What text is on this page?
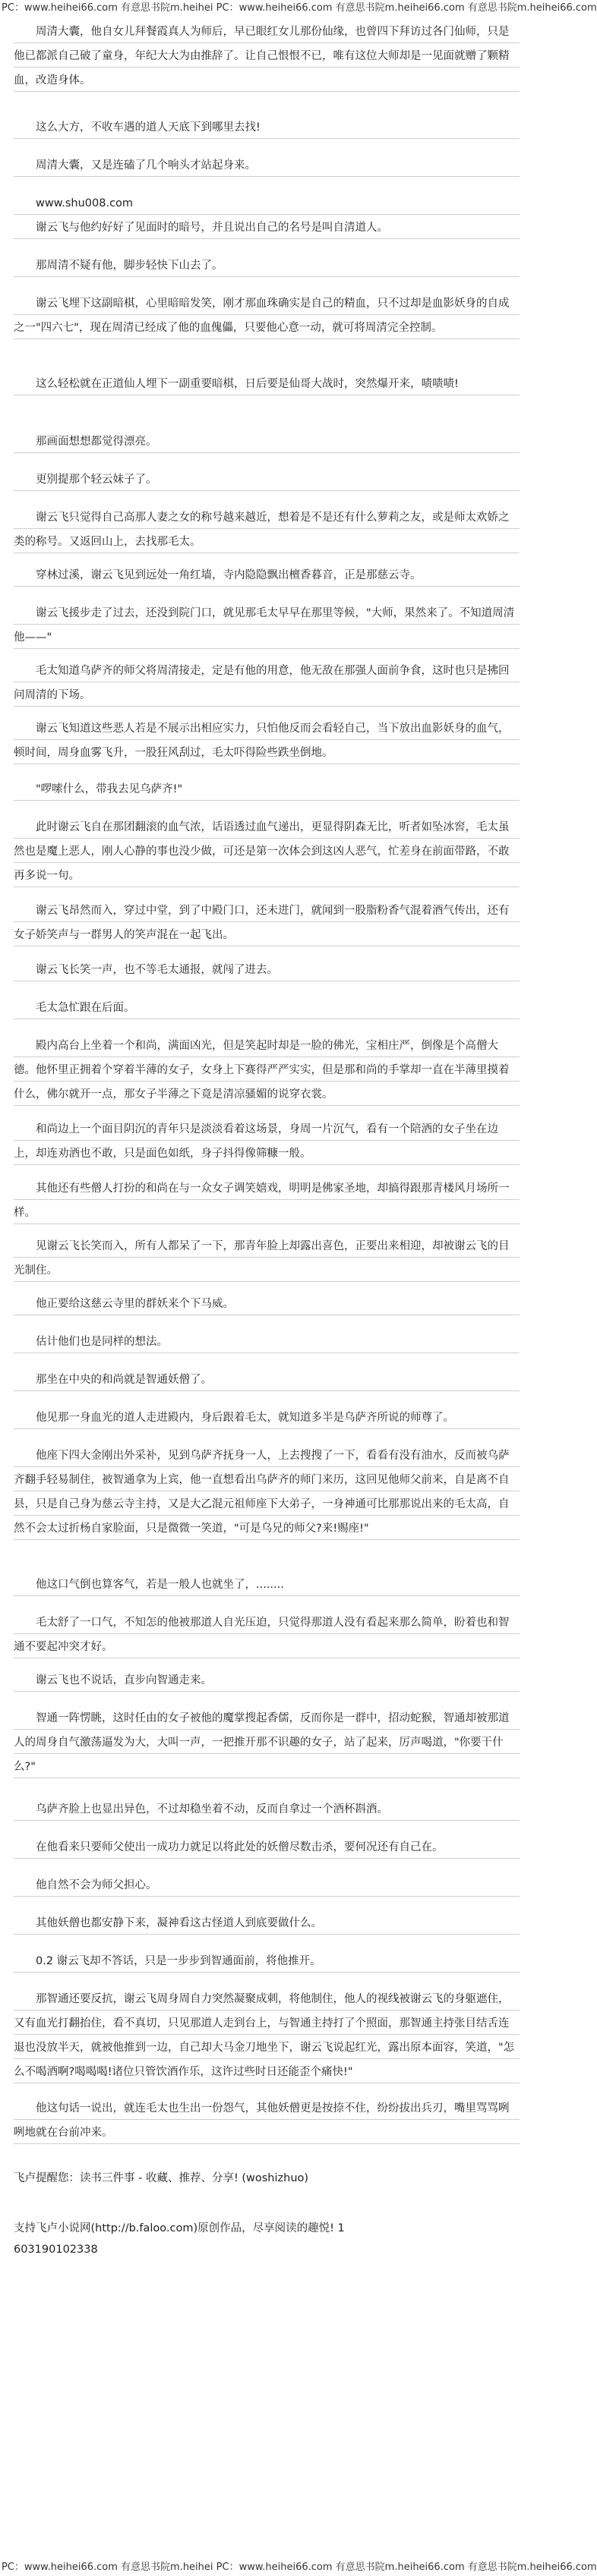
PC：www.heihei66.com 有意思书院m.heihei PC：www.heihei66.com 有意思书院m.heihei66.com 有意思书院m.heihei66.com
周清大囊，他自女儿拜餐霞真人为师后，早已眼红女儿那份仙缘，也曾四下拜访过各门仙师，只是他已都派自己破了童身，年纪大大为由推辞了。让自己恨恨不已，唯有这位大师却是一见面就赠了颗精血，改造身体。
这么大方，不收车遇的道人天底下到哪里去找!
周清大囊，又是连磕了几个响头才站起身来。
www.shu008.com
谢云飞与他约好好了见面时的暗号，并且说出自己的名号是叫自清道人。
那周清不疑有他，脚步轻快下山去了。
谢云飞埋下这副暗棋，心里暗暗发笑，刚才那血珠确实是自己的精血，只不过却是血影妖身的自成之一"四六七"，现在周清已经成了他的血傀儡，只要他心意一动，就可将周清完全控制。
这么轻松就在正道仙人埋下一副重要暗棋，日后要是仙哥大战时，突然爆开来，啧啧啧!
那画面想想都觉得漂亮。
更别提那个轻云妹子了。
谢云飞只觉得自己高那人妻之女的称号越来越近，想着是不是还有什么萝莉之友，或是师太欢娇之类的称号。又返回山上，去找那毛太。
穿林过溪，谢云飞见到远处一角红墙，寺内隐隐飘出檀香暮音，正是那慈云寺。
谢云飞援步走了过去，还没到院门口，就见那毛太早早在那里等候，"大师，果然来了。不知道周清他——"
毛太知道乌萨齐的师父将周清接走，定是有他的用意，他无敌在那强人面前争食，这时也只是拂回问周清的下场。
谢云飞知道这些恶人若是不展示出相应实力，只怕他反而会看轻自己，当下放出血影妖身的血气，顿时间，周身血雾飞升，一股狂风刮过，毛太吓得险些跌坐倒地。
"啰嗦什么，带我去见乌萨齐!"
此时谢云飞自在那团翻滚的血气浓，话语透过血气递出，更显得阴森无比，听者如坠冰窖，毛太虽然也是魔上恶人，刚人心静的事也没少做，可还是第一次体会到这凶人恶气，忙差身在前面带路，不敢再多说一句。
谢云飞昂然而入，穿过中堂，到了中殿门口，还未进门，就闻到一股脂粉香气混着酒气传出，还有女子娇笑声与一群男人的笑声混在一起飞出。
谢云飞长笑一声，也不等毛太通报，就闯了进去。
毛太急忙跟在后面。
殿内高台上坐着一个和尚，满面凶光，但是笑起时却是一脸的佛光，宝相庄严，倒像是个高僧大德。他怀里正拥着个穿着半薄的女子，女身上下赛得严严实实，但是那和尚的手掌却一直在半薄里摸着什么，佛尔就开一点，那女子半薄之下竟是清凉骚媚的说穿衣裳。
和尚边上一个面目阴沉的青年只是淡淡看着这场景，身周一片沉气，看有一个陪酒的女子坐在边上，却连劝酒也不敢，只是面色如纸，身子抖得像筛糠一般。
其他还有些僧人打扮的和尚在与一众女子调笑嬉戏，明明是佛家圣地，却搞得跟那青楼风月场所一样。
见谢云飞长笑而入，所有人都呆了一下，那青年脸上却露出喜色，正要出来相迎，却被谢云飞的目光制住。
他正要给这慈云寺里的群妖来个下马威。
估计他们也是同样的想法。
那坐在中央的和尚就是智通妖僧了。
他见那一身血光的道人走进殿内，身后跟着毛太，就知道多半是乌萨齐所说的师尊了。
他座下四大金刚出外采补，见到乌萨齐抚身一人，上去搜搜了一下，看看有没有油水，反而被乌萨齐翻手轻易制住，被智通拿为上宾，他一直想看出乌萨齐的师门来历，这回见他师父前来，自是离不自县，只是自己身为慈云寺主持，又是大乙混元祖师座下大弟子，一身神通可比那那说出来的毛太高，自然不会太过折杨自家脸面，只是微微一笑道，"可是乌兄的师父?来!赐座!"
他这口气倒也算客气，若是一般人也就坐了，........
毛太舒了一口气，不知怎的他被那道人自光压迫，只觉得那道人没有看起来那么简单，盼着也和智通不要起冲突才好。
谢云飞也不说话，直步向智通走来。
智通一阵愣眺，这时任由的女子被他的魔掌搜起香儒，反而你是一群中，招动蛇猴，智通却被那道人的周身自气激荡逼发为大，大叫一声，一把推开那不识趣的女子，站了起来，厉声喝道，"你要干什么?"
乌萨齐脸上也显出异色，不过却稳坐着不动，反而自拿过一个酒杯斟酒。
在他看来只要师父使出一成功力就足以将此处的妖僧尽数击杀，要何况还有自己在。
他自然不会为师父担心。
其他妖僧也都安静下来，凝神看这古怪道人到底要做什么。
0.2 谢云飞却不答话，只是一步步到智通面前，将他推开。
那智通还要反抗，谢云飞周身周自力突然凝聚成刺，将他制住，他人的视线被谢云飞的身躯遮住，又有血光打翻抬住，看不真切，只见那道人走到台上，与智通主持打了个照面，那智通主持张目结舌连退也没放半天，就被他推到一边，自己却大马金刀地坐下，谢云飞说起红光，露出原本面容，笑道，"怎么不喝酒啊?喝喝喝!诸位只管饮酒作乐，这许过些时日还能歪个痛快!"
他这句话一说出，就连毛太也生出一份怨气，其他妖僧更是按捺不住，纷纷拔出兵刃，嘴里骂骂咧咧地就在台前冲来。
飞卢提醒您：读书三件事 - 收藏、推荐、分享! (woshizhuo)
支持飞卢小说网(http://b.faloo.com)原创作品，尽享阅读的趣悦! 1
603190102338
PC：www.heihei66.com 有意思书院m.heihei PC：www.heihei66.com 有意思书院m.heihei66.com 有意思书院m.heihei66.com
